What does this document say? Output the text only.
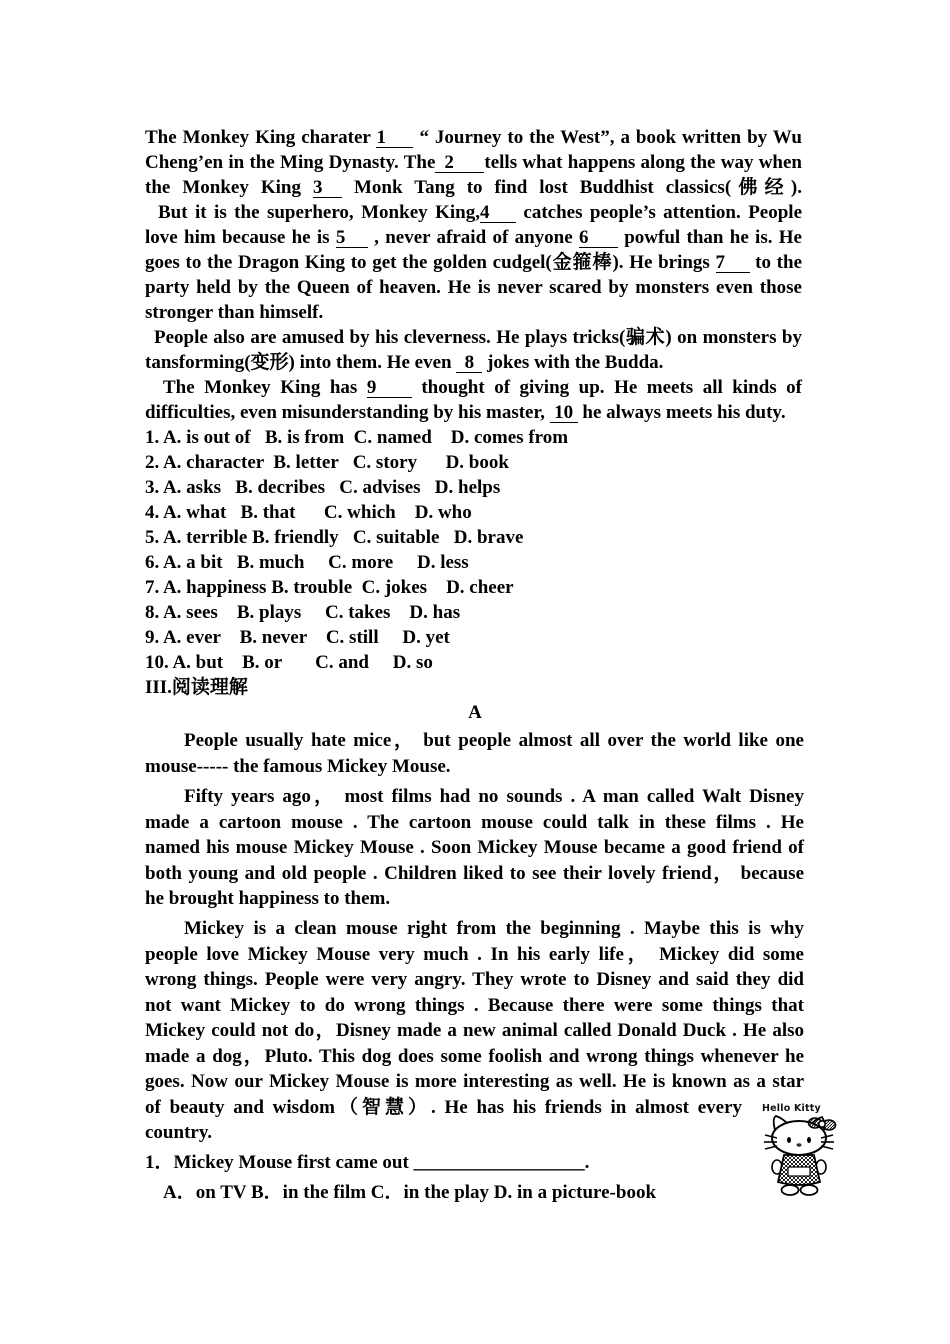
The Monkey King charater 1 “ Journey to the West”, a book written by Wu
Cheng’en in the Ming Dynasty. The 2 tells what happens along the way when
the Monkey King 3 Monk Tang to find lost Buddhist classics(佛经).
But it is the superhero, Monkey King,4 catches people’s attention. People
love him because he is 5 , never afraid of anyone 6 powful than he is. He
goes to the Dragon King to get the golden cudgel(金箍棒). He brings 7 to the
party held by the Queen of heaven. He is never scared by monsters even those
stronger than himself.
People also are amused by his cleverness. He plays tricks(骗术) on monsters by
tansforming(变形) into them. He even 8 jokes with the Budda.
The Monkey King has 9 thought of giving up. He meets all kinds of
difficulties, even misunderstanding by his master, 10 he always meets his duty.
1. A. is out of   B. is from  C. named    D. comes from
2. A. character  B. letter   C. story      D. book
3. A. asks   B. decribes   C. advises   D. helps
4. A. what   B. that      C. which    D. who
5. A. terrible B. friendly   C. suitable   D. brave
6. A. a bit   B. much     C. more     D. less
7. A. happiness B. trouble  C. jokes    D. cheer
8. A. sees    B. plays     C. takes    D. has
9. A. ever    B. never    C. still     D. yet
10. A. but    B. or       C. and     D. so
III.阅读理解
A
People usually hate mice， but people almost all over the world like one
mouse----- the famous Mickey Mouse.
Fifty years ago， most films had no sounds . A man called Walt Disney
made a cartoon mouse . The cartoon mouse could talk in these films . He
named his mouse Mickey Mouse . Soon Mickey Mouse became a good friend of
both young and old people . Children liked to see their lovely friend， because
he brought happiness to them.
Mickey is a clean mouse right from the beginning . Maybe this is why
people love Mickey Mouse very much . In his early life， Mickey did some
wrong things. People were very angry. They wrote to Disney and said they did
not want Mickey to do wrong things . Because there were some things that
Mickey could not do，Disney made a new animal called Donald Duck . He also
made a dog，Pluto. This dog does some foolish and wrong things whenever he
goes. Now our Mickey Mouse is more interesting as well. He is known as a star
of beauty and wisdom（智慧）. He has his friends in almost every
country.
1．Mickey Mouse first came out __________________.
A．on TV B．in the film C．in the play D. in a picture-book
Hello Kitty
